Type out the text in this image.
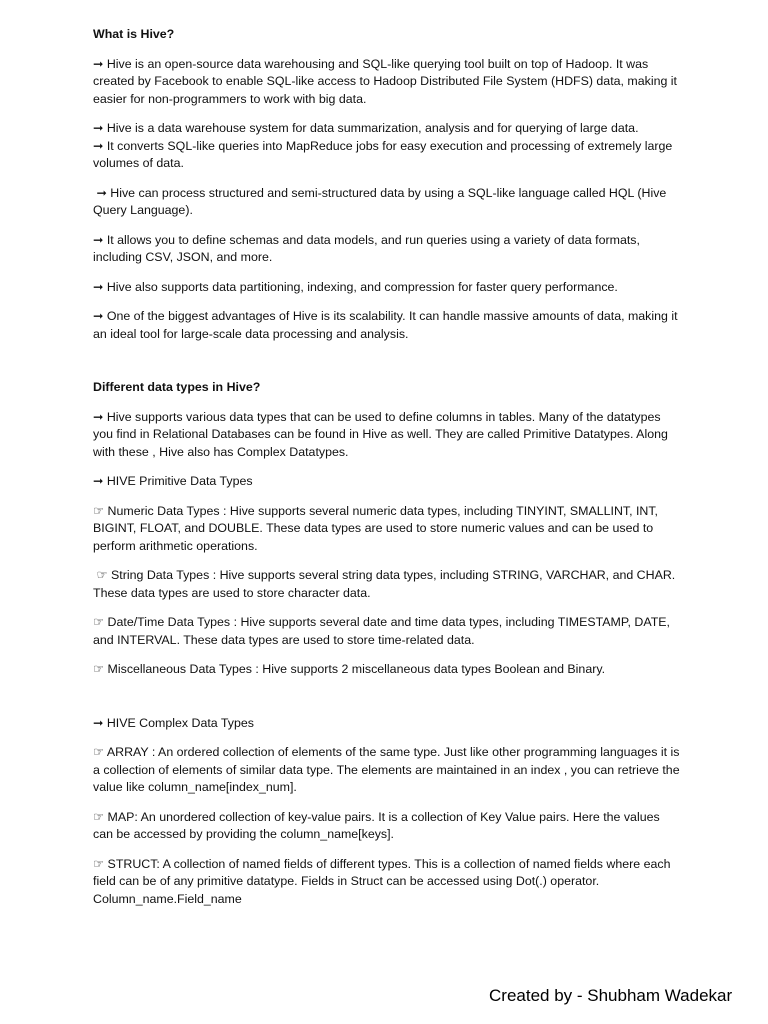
What is Hive?
➞ Hive is an open-source data warehousing and SQL-like querying tool built on top of Hadoop. It was created by Facebook to enable SQL-like access to Hadoop Distributed File System (HDFS) data, making it easier for non-programmers to work with big data.
➞ Hive is a data warehouse system for data summarization, analysis and for querying of large data.
➞ It converts SQL-like queries into MapReduce jobs for easy execution and processing of extremely large volumes of data.
➞ Hive can process structured and semi-structured data by using a SQL-like language called HQL (Hive Query Language).
➞ It allows you to define schemas and data models, and run queries using a variety of data formats, including CSV, JSON, and more.
➞ Hive also supports data partitioning, indexing, and compression for faster query performance.
➞ One of the biggest advantages of Hive is its scalability. It can handle massive amounts of data, making it an ideal tool for large-scale data processing and analysis.
Different data types in Hive?
➞ Hive supports various data types that can be used to define columns in tables. Many of the datatypes you find in Relational Databases can be found in Hive as well. They are called Primitive Datatypes. Along with these , Hive also has Complex Datatypes.
➞ HIVE Primitive Data Types
☞ Numeric Data Types : Hive supports several numeric data types, including TINYINT, SMALLINT, INT, BIGINT, FLOAT, and DOUBLE. These data types are used to store numeric values and can be used to perform arithmetic operations.
☞ String Data Types : Hive supports several string data types, including STRING, VARCHAR, and CHAR. These data types are used to store character data.
☞ Date/Time Data Types : Hive supports several date and time data types, including TIMESTAMP, DATE, and INTERVAL. These data types are used to store time-related data.
☞ Miscellaneous Data Types : Hive supports 2 miscellaneous data types Boolean and Binary.
➞ HIVE Complex Data Types
☞ ARRAY : An ordered collection of elements of the same type. Just like other programming languages it is a collection of elements of similar data type. The elements are maintained in an index , you can retrieve the value like column_name[index_num].
☞ MAP: An unordered collection of key-value pairs. It is a collection of Key Value pairs. Here the values can be accessed by providing the column_name[keys].
☞ STRUCT: A collection of named fields of different types. This is a collection of named fields where each field can be of any primitive datatype. Fields in Struct can be accessed using Dot(.) operator. Column_name.Field_name
Created by - Shubham Wadekar
